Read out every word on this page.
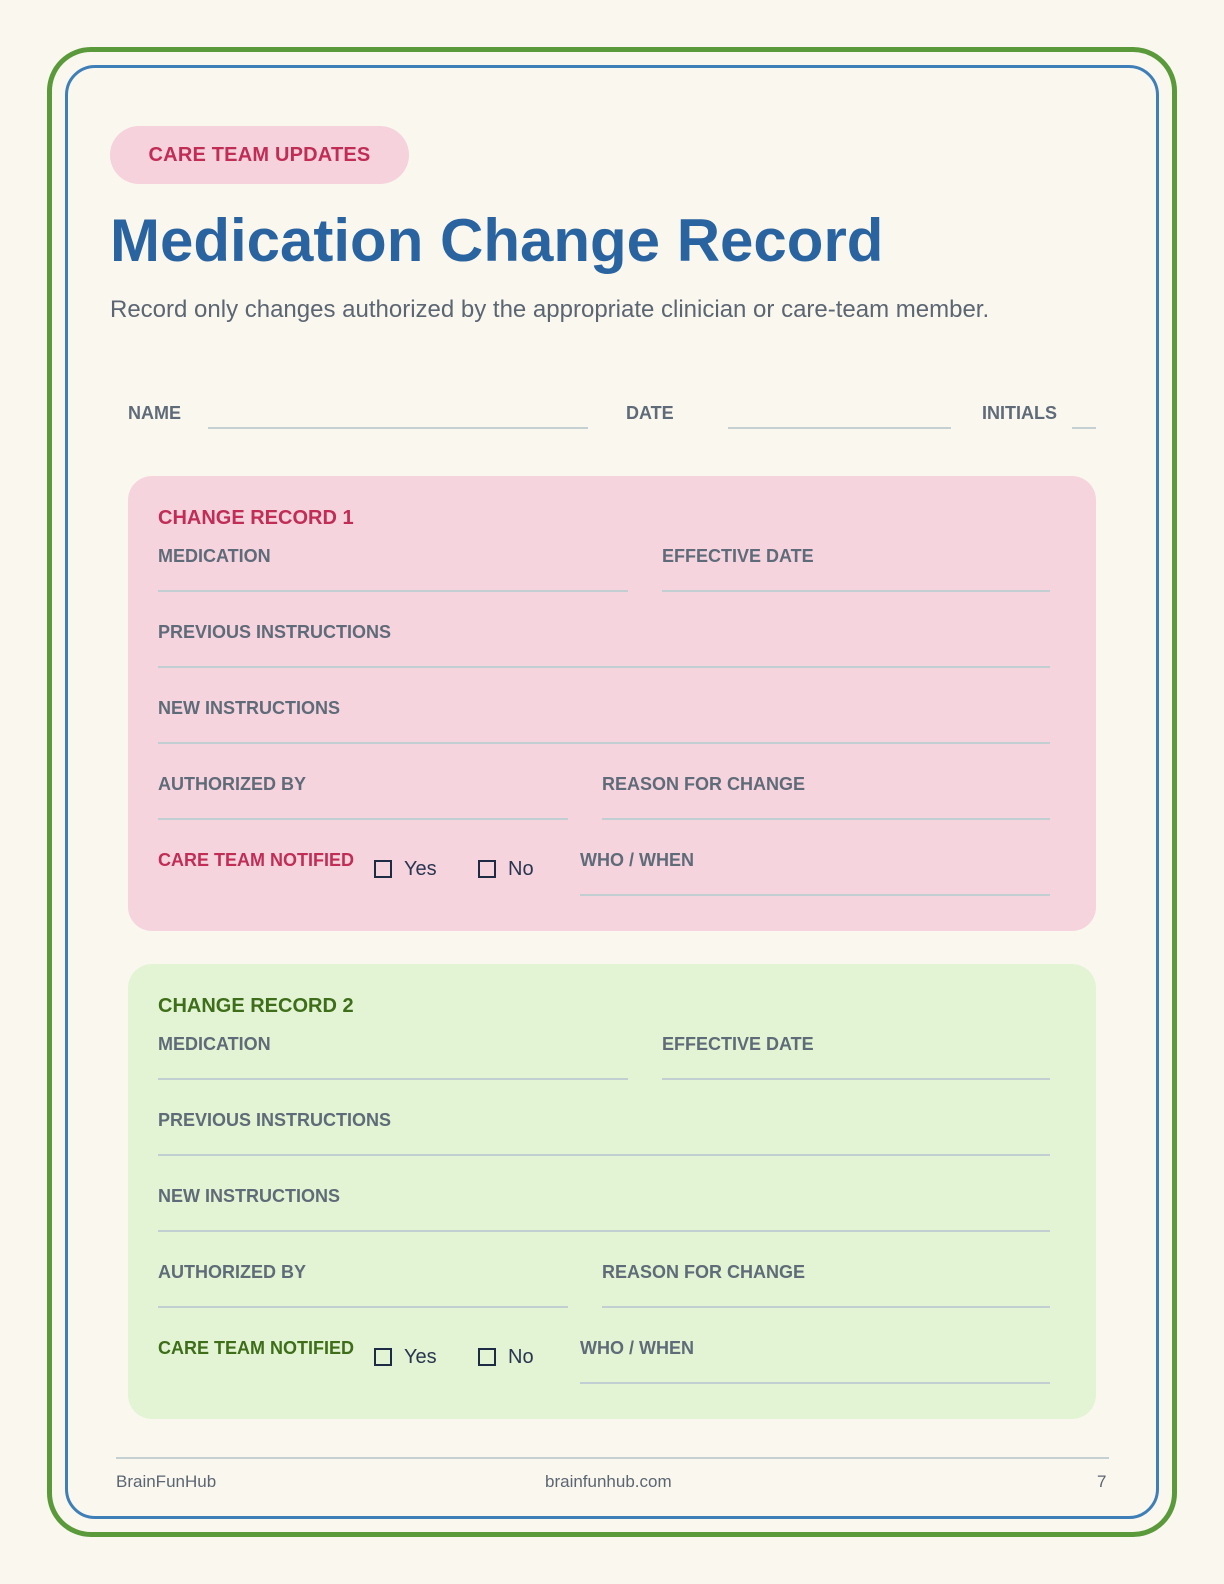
CARE TEAM UPDATES
Medication Change Record
Record only changes authorized by the appropriate clinician or care-team member.
NAME	DATE	INITIALS
CHANGE RECORD 1
MEDICATION	EFFECTIVE DATE
PREVIOUS INSTRUCTIONS
NEW INSTRUCTIONS
AUTHORIZED BY	REASON FOR CHANGE
CARE TEAM NOTIFIED	Yes	No	WHO / WHEN
CHANGE RECORD 2
MEDICATION	EFFECTIVE DATE
PREVIOUS INSTRUCTIONS
NEW INSTRUCTIONS
AUTHORIZED BY	REASON FOR CHANGE
CARE TEAM NOTIFIED	Yes	No	WHO / WHEN
BrainFunHub	brainfunhub.com	7
